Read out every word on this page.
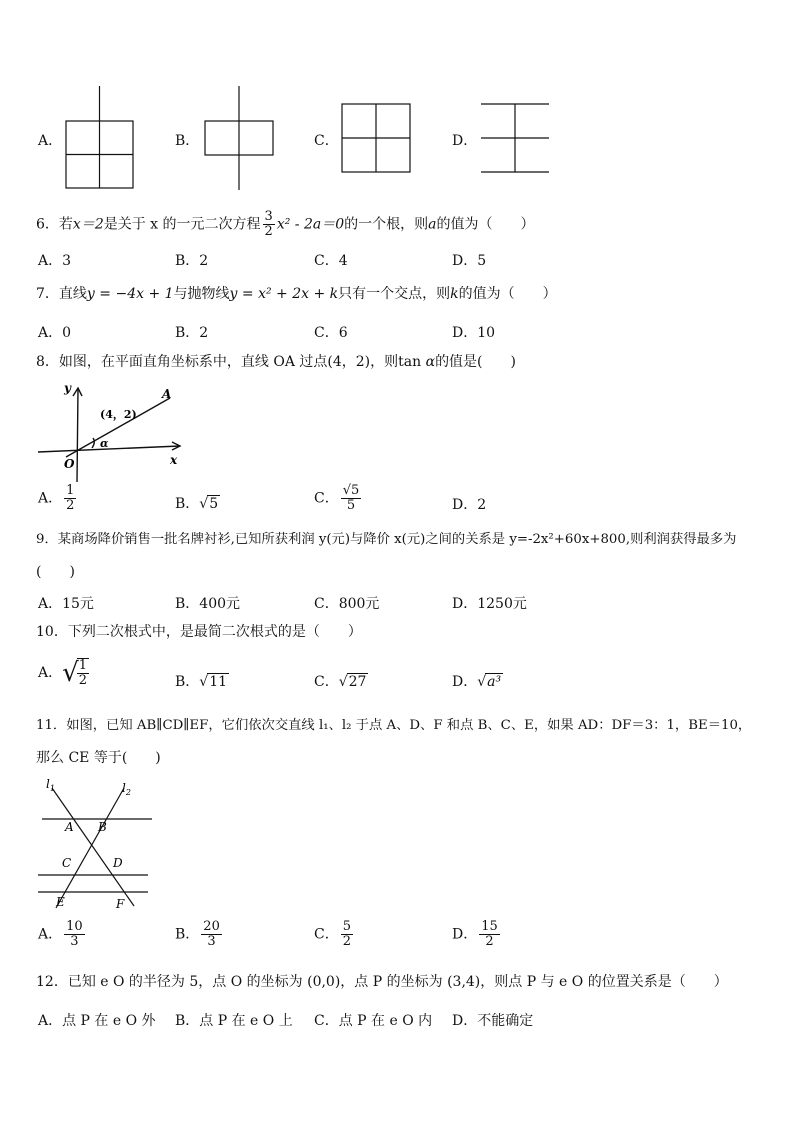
A．	B．	C．	D．
6．若x＝2是关于 x 的一元二次方程 $\frac{3}{2} x^2 - 2a=0$的一个根，则a的值为（　　）
A．3	B．2	C．4	D．5
7．直线y = −4x + 1与抛物线y = x² + 2x + k只有一个交点，则k的值为（　　）
A．0	B．2	C．6	D．10
8．如图，在平面直角坐标系中，直线 OA 过点(4，2)，则tan α的值是(　　)
y
x
O
A
(4，2)
α
A． $\frac{1}{2}$	B．√5	C． $\frac{√5}{5}$	D．2
9．某商场降价销售一批名牌衬衫,已知所获利润 y(元)与降价 x(元)之间的关系是 y=-2x²+60x+800,则利润获得最多为
(　　)
A．15元	B．400元	C．800元	D．1250元
10．下列二次根式中，是最简二次根式的是（　　）
A．√
$\frac{1}{2}$	B．√11	C．√27	D．√a³
11．如图，已知 AB∥CD∥EF，它们依次交直线 l₁、l₂ 于点 A、D、F 和点 B、C、E，如果 AD：DF＝3：1，BE＝10，
那么 CE 等于(　　)
$l_1$	$l_2$
A B
C	D
E	F
A． $\frac{10}{3}$	B． $\frac{20}{3}$	C． $\frac{5}{2}$	D． $\frac{15}{2}$
12．已知 e O 的半径为 5，点 O 的坐标为 (0,0)，点 P 的坐标为 (3,4)，则点 P 与 e O 的位置关系是（　　）
A．点 P 在 e O 外 B．点 P 在 e O 上 C．点 P 在 e O 内 D．不能确定
